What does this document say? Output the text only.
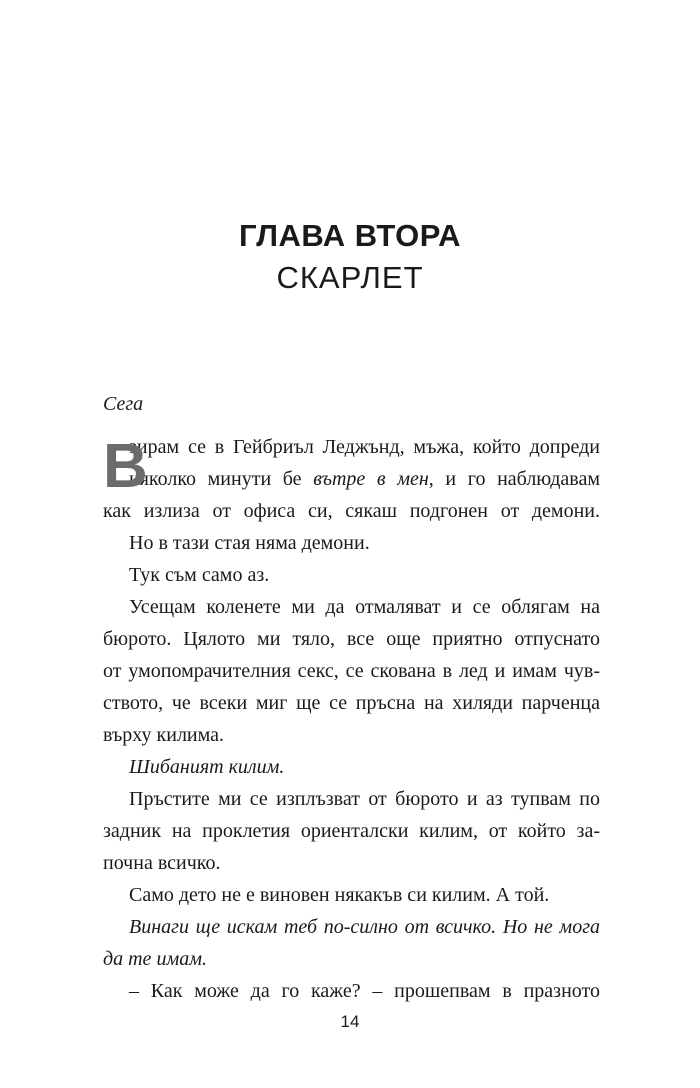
ГЛАВА ВТОРА
СКАРЛЕТ
Сега
В
зирам се в Гейбриъл Леджънд, мъжа, който допреди
няколко минути бе вътре в мен, и го наблюдавам
как излиза от офиса си, сякаш подгонен от демони.
Но в тази стая няма демони.
Тук съм само аз.
Усещам коленете ми да отмаляват и се облягам на
бюрото. Цялото ми тяло, все още приятно отпуснато
от умопомрачителния секс, се скована в лед и имам чув-
ството, че всеки миг ще се пръсна на хиляди парченца
върху килима.
Шибаният килим.
Пръстите ми се изплъзват от бюрото и аз тупвам по
задник на проклетия ориенталски килим, от който за-
почна всичко.
Само дето не е виновен някакъв си килим. А той.
Винаги ще искам теб по-силно от всичко. Но не мога
да те имам.
– Как може да го каже? – прошепвам в празното
14
